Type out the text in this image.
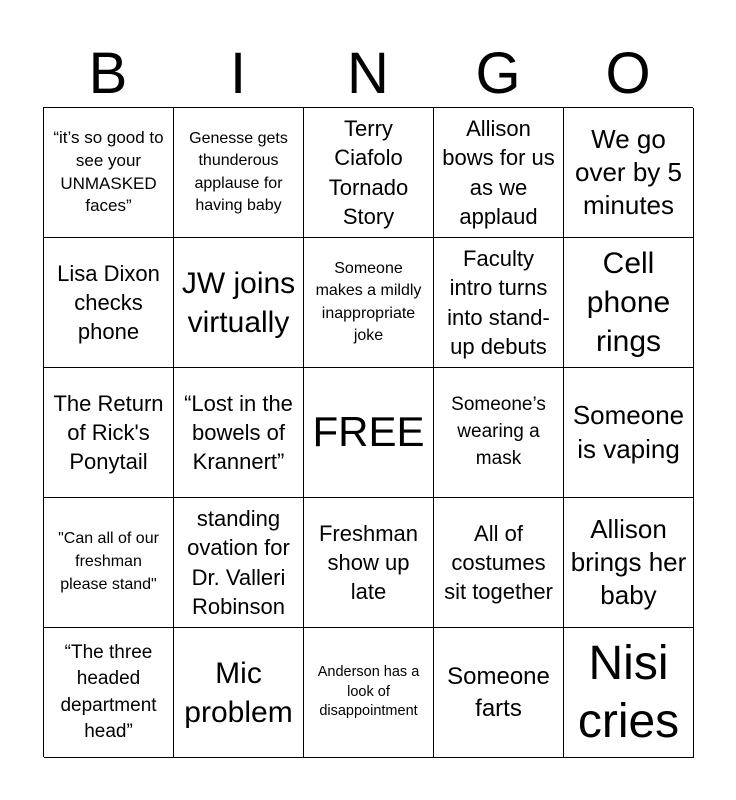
B	I	N	G	O
“it’s so good to see your UNMASKED faces”
Genesse gets thunderous applause for having baby
Terry Ciafolo Tornado Story
Allison bows for us as we applaud
We go over by 5 minutes
Lisa Dixon checks phone
JW joins virtually
Someone makes a mildly inappropriate joke
Faculty intro turns into stand-up debuts
Cell phone rings
The Return of Rick's Ponytail
“Lost in the bowels of Krannert”
FREE
Someone’s wearing a mask
Someone is vaping
"Can all of our freshman please stand"
standing ovation for Dr. Valleri Robinson
Freshman show up late
All of costumes sit together
Allison brings her baby
“The three headed department head”
Mic problem
Anderson has a look of disappointment
Someone farts
Nisi cries
